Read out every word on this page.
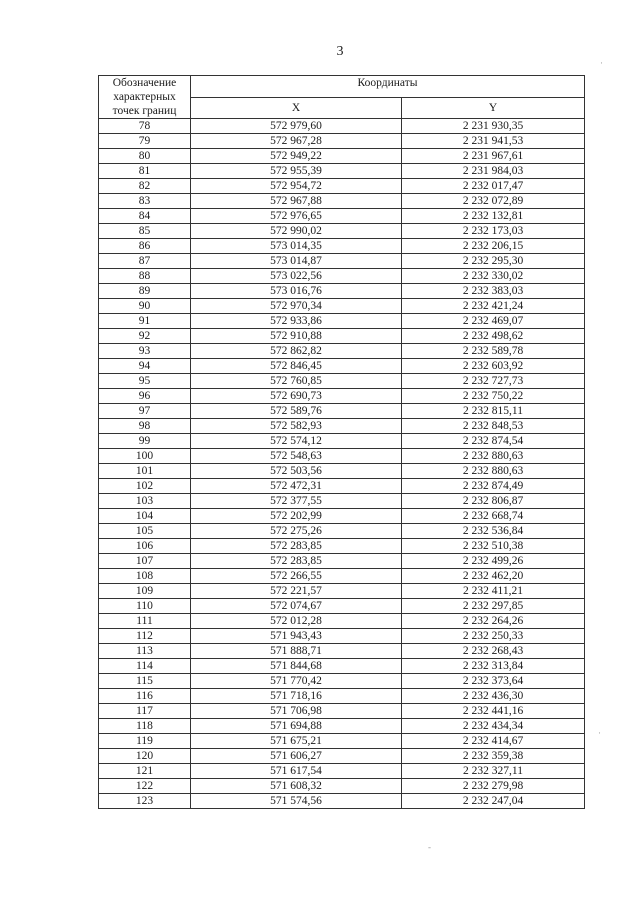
3
Обозначение характерных точек границ	Координаты	
	X	Y
78	572 979,60	2 231 930,35
79	572 967,28	2 231 941,53
80	572 949,22	2 231 967,61
81	572 955,39	2 231 984,03
82	572 954,72	2 232 017,47
83	572 967,88	2 232 072,89
84	572 976,65	2 232 132,81
85	572 990,02	2 232 173,03
86	573 014,35	2 232 206,15
87	573 014,87	2 232 295,30
88	573 022,56	2 232 330,02
89	573 016,76	2 232 383,03
90	572 970,34	2 232 421,24
91	572 933,86	2 232 469,07
92	572 910,88	2 232 498,62
93	572 862,82	2 232 589,78
94	572 846,45	2 232 603,92
95	572 760,85	2 232 727,73
96	572 690,73	2 232 750,22
97	572 589,76	2 232 815,11
98	572 582,93	2 232 848,53
99	572 574,12	2 232 874,54
100	572 548,63	2 232 880,63
101	572 503,56	2 232 880,63
102	572 472,31	2 232 874,49
103	572 377,55	2 232 806,87
104	572 202,99	2 232 668,74
105	572 275,26	2 232 536,84
106	572 283,85	2 232 510,38
107	572 283,85	2 232 499,26
108	572 266,55	2 232 462,20
109	572 221,57	2 232 411,21
110	572 074,67	2 232 297,85
111	572 012,28	2 232 264,26
112	571 943,43	2 232 250,33
113	571 888,71	2 232 268,43
114	571 844,68	2 232 313,84
115	571 770,42	2 232 373,64
116	571 718,16	2 232 436,30
117	571 706,98	2 232 441,16
118	571 694,88	2 232 434,34
119	571 675,21	2 232 414,67
120	571 606,27	2 232 359,38
121	571 617,54	2 232 327,11
122	571 608,32	2 232 279,98
123	571 574,56	2 232 247,04
·
·
-
